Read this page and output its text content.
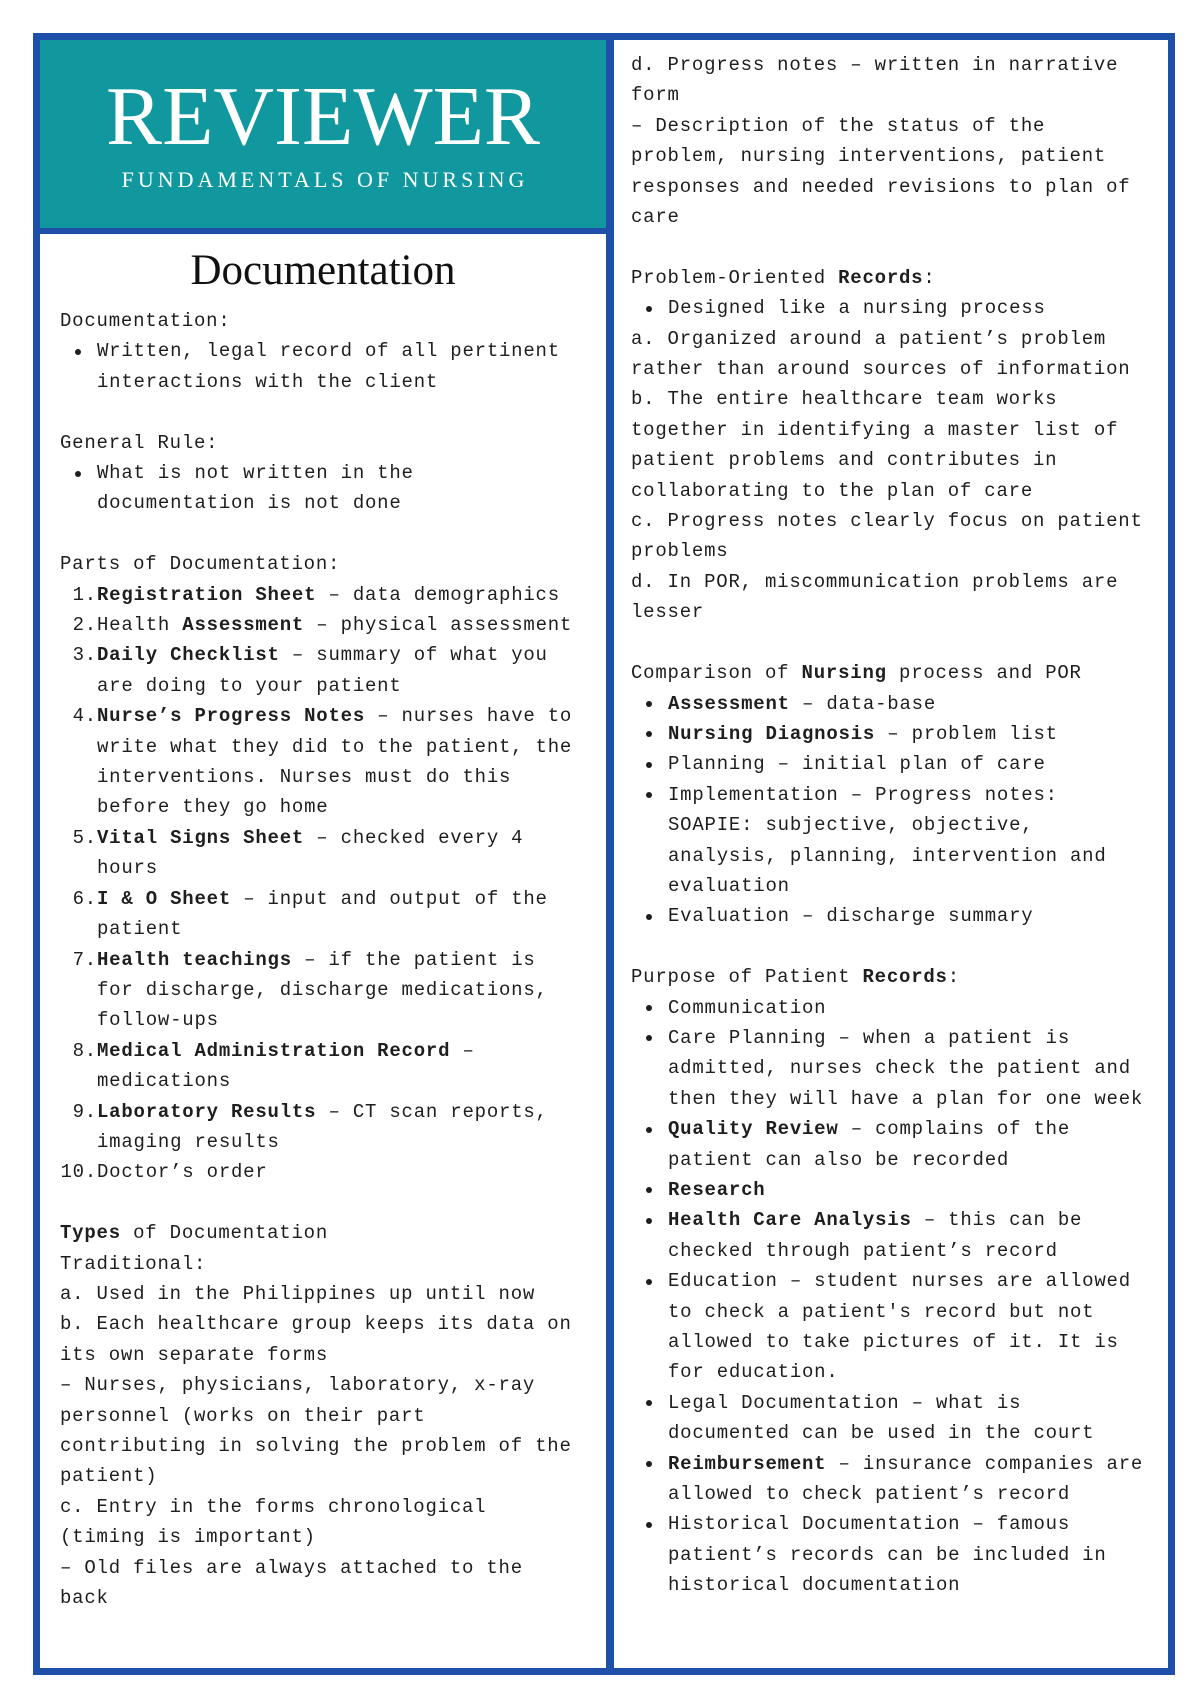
REVIEWER
FUNDAMENTALS OF NURSING
Documentation

Documentation:

Written, legal record of all pertinent interactions with the client

General Rule:

What is not written in the documentation is not done

Parts of Documentation:

1. Registration Sheet – data demographics
2. Health Assessment – physical assessment
3. Daily Checklist – summary of what you are doing to your patient
4. Nurse’s Progress Notes – nurses have to write what they did to the patient, the interventions. Nurses must do this before they go home
5. Vital Signs Sheet – checked every 4 hours
6. I & O Sheet – input and output of the patient
7. Health teachings – if the patient is for discharge, discharge medications, follow-ups
8. Medical Administration Record – medications
9. Laboratory Results – CT scan reports, imaging results
10. Doctor’s order

Types of Documentation

Traditional:

a. Used in the Philippines up until now

b. Each healthcare group keeps its data on its own separate forms

– Nurses, physicians, laboratory, x-ray personnel (works on their part contributing in solving the problem of the patient)

c. Entry in the forms chronological (timing is important)

– Old files are always attached to the back

d. Progress notes – written in narrative form

– Description of the status of the problem, nursing interventions, patient responses and needed revisions to plan of care

Problem-Oriented Records:

Designed like a nursing process

a. Organized around a patient’s problem rather than around sources of information

b. The entire healthcare team works together in identifying a master list of patient problems and contributes in collaborating to the plan of care

c. Progress notes clearly focus on patient problems

d. In POR, miscommunication problems are lesser

Comparison of Nursing process and POR

Assessment – data-base
Nursing Diagnosis – problem list
Planning – initial plan of care
Implementation – Progress notes: SOAPIE: subjective, objective, analysis, planning, intervention and evaluation
Evaluation – discharge summary

Purpose of Patient Records:

Communication
Care Planning – when a patient is admitted, nurses check the patient and then they will have a plan for one week
Quality Review – complains of the patient can also be recorded
Research
Health Care Analysis – this can be checked through patient’s record
Education – student nurses are allowed to check a patient's record but not allowed to take pictures of it. It is for education.
Legal Documentation – what is documented can be used in the court
Reimbursement – insurance companies are allowed to check patient’s record
Historical Documentation – famous patient’s records can be included in historical documentation
